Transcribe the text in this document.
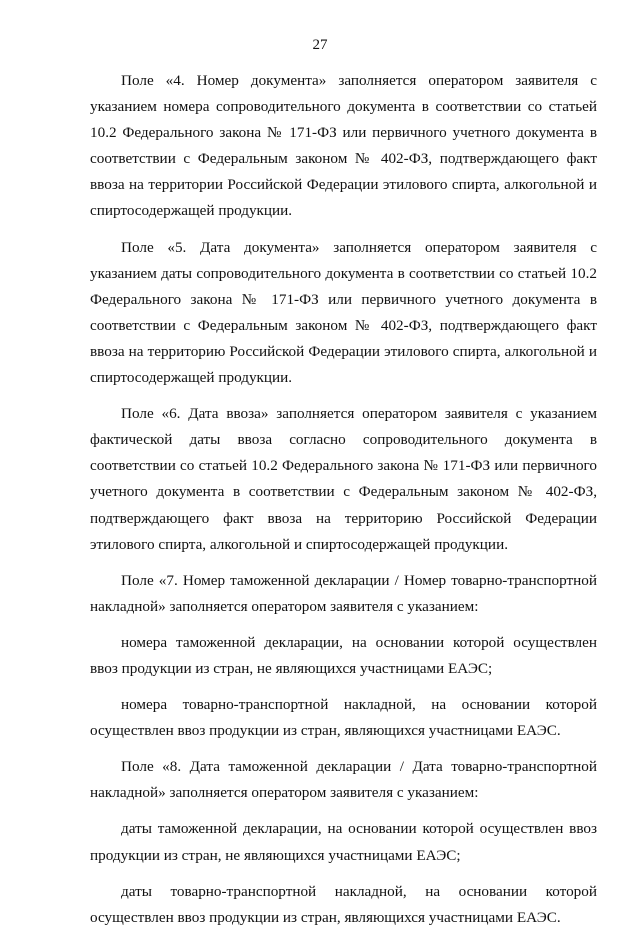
27

Поле «4. Номер документа» заполняется оператором заявителя с указанием номера сопроводительного документа в соответствии со статьей 10.2 Федерального закона № 171-ФЗ или первичного учетного документа в соответствии с Федеральным законом № 402-ФЗ, подтверждающего факт ввоза на территории Российской Федерации этилового спирта, алкогольной и спиртосодержащей продукции.

Поле «5. Дата документа» заполняется оператором заявителя с указанием даты сопроводительного документа в соответствии со статьей 10.2 Федерального закона № 171-ФЗ или первичного учетного документа в соответствии с Федеральным законом № 402-ФЗ, подтверждающего факт ввоза на территорию Российской Федерации этилового спирта, алкогольной и спиртосодержащей продукции.

Поле «6. Дата ввоза» заполняется оператором заявителя с указанием фактической даты ввоза согласно сопроводительного документа в соответствии со статьей 10.2 Федерального закона № 171-ФЗ или первичного учетного документа в соответствии с Федеральным законом № 402-ФЗ, подтверждающего факт ввоза на территорию Российской Федерации этилового спирта, алкогольной и спиртосодержащей продукции.

Поле «7. Номер таможенной декларации / Номер товарно-транспортной накладной» заполняется оператором заявителя с указанием:

номера таможенной декларации, на основании которой осуществлен ввоз продукции из стран, не являющихся участницами ЕАЭС;

номера товарно-транспортной накладной, на основании которой осуществлен ввоз продукции из стран, являющихся участницами ЕАЭС.

Поле «8. Дата таможенной декларации / Дата товарно-транспортной накладной» заполняется оператором заявителя с указанием:

даты таможенной декларации, на основании которой осуществлен ввоз продукции из стран, не являющихся участницами ЕАЭС;

даты товарно-транспортной накладной, на основании которой осуществлен ввоз продукции из стран, являющихся участницами ЕАЭС.
